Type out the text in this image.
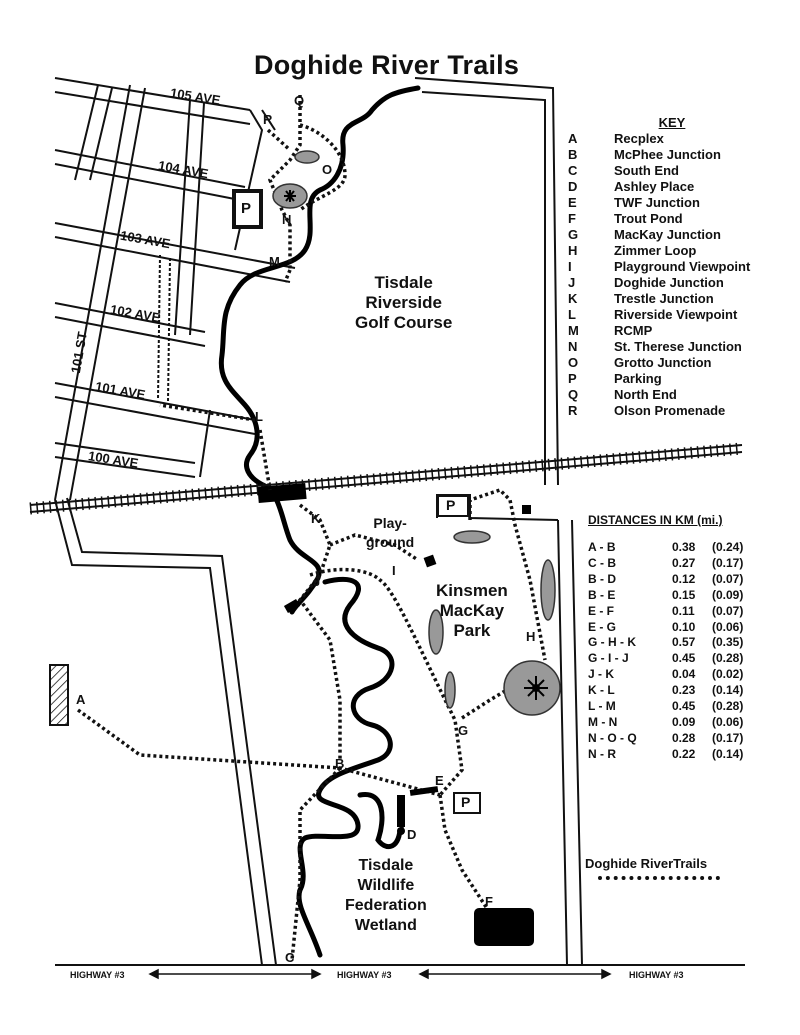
Doghide River Trails
Tisdale
Riverside
Golf Course
Play-
ground
Kinsmen
MacKay
Park
Tisdale
Wildlife
Federation
Wetland
105 AVE
104 AVE
103 AVE
102 AVE
101 AVE
100 AVE
101 ST
P
P
P
Q
R
O
N
M
L
K
J
I
H
G
A
B
E
D
F
C
HIGHWAY #3	HIGHWAY #3	HIGHWAY #3
KEY
A	Recplex
B	McPhee Junction
C	South End
D	Ashley Place
E	TWF Junction
F	Trout Pond
G	MacKay Junction
H	Zimmer Loop
I	Playground Viewpoint
J	Doghide Junction
K	Trestle Junction
L	Riverside Viewpoint
M	RCMP
N	St. Therese Junction
O	Grotto Junction
P	Parking
Q	North End
R	Olson Promenade
DISTANCES IN KM (mi.)
A - B	0.38	(0.24)
C - B	0.27	(0.17)
B - D	0.12	(0.07)
B - E	0.15	(0.09)
E - F	0.11	(0.07)
E - G	0.10	(0.06)
G - H - K	0.57	(0.35)
G - I - J	0.45	(0.28)
J - K	0.04	(0.02)
K - L	0.23	(0.14)
L - M	0.45	(0.28)
M - N	0.09	(0.06)
N - O - Q	0.28	(0.17)
N - R	0.22	(0.14)
Doghide RiverTrails
